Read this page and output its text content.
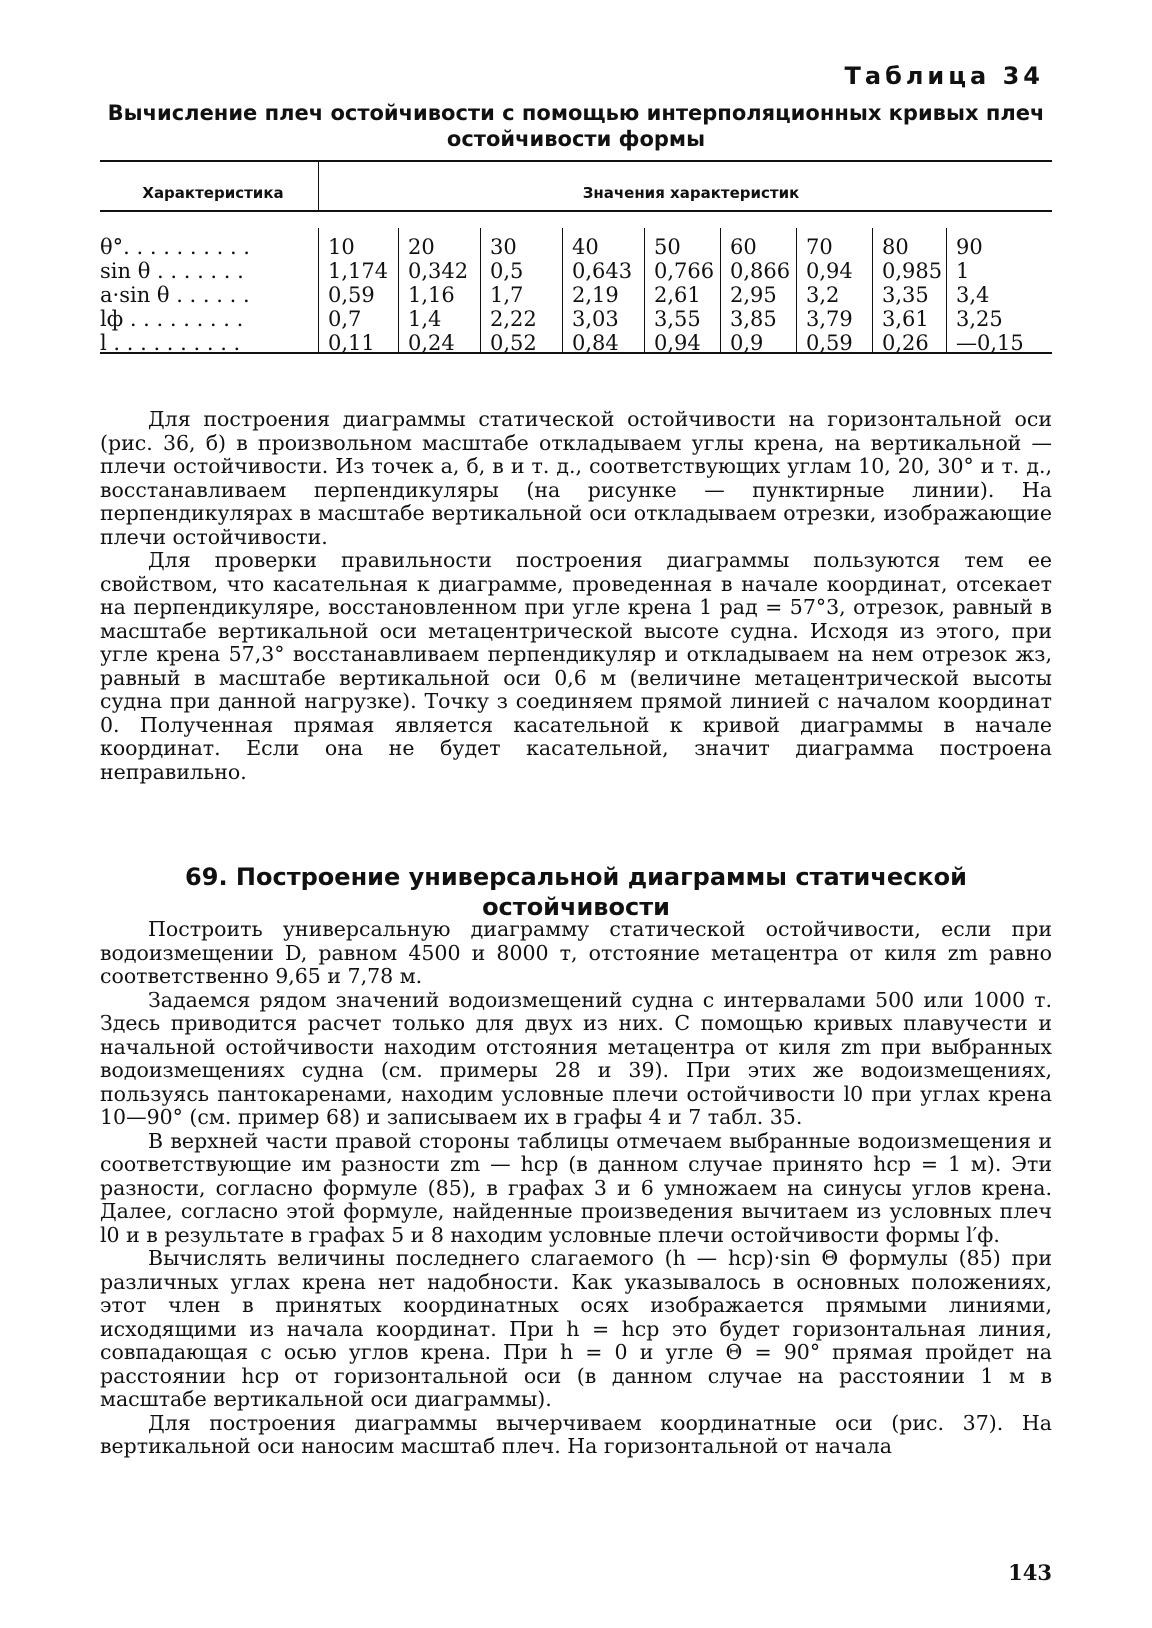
Таблица 34
Вычисление плеч остойчивости с помощью интерполяционных кривых плеч
остойчивости формы
Характеристика	Значения характеристик
θ°. . . . . . . . . .	10	20	30	40	50 60 70 80 90
sin θ . . . . . . .	1,174 0,342 0,5 0,643 0,766 0,866 0,94 0,985 1
a·sin θ . . . . . .	0,59 1,16 1,7 2,19 2,61 2,95 3,2 3,35 3,4
lф . . . . . . . . .	0,7 1,4 2,22 3,03 3,55 3,85 3,79 3,61 3,25
l . . . . . . . . . .	0,11 0,24 0,52 0,84 0,94 0,9 0,59 0,26 —0,15

Для построения диаграммы статической остойчивости на горизонтальной оси (рис. 36, б) в произвольном масштабе откладываем углы крена, на вертикальной — плечи остойчивости. Из точек а, б, в и т. д., соответствующих углам 10, 20, 30° и т. д., восстанавливаем перпендикуляры (на рисунке — пунктирные линии). На перпендикулярах в масштабе вертикальной оси откладываем отрезки, изображающие плечи остойчивости.

Для проверки правильности построения диаграммы пользуются тем ее свойством, что касательная к диаграмме, проведенная в начале координат, отсекает на перпендикуляре, восстановленном при угле крена 1 рад = 57°3, отрезок, равный в масштабе вертикальной оси метацентрической высоте судна. Исходя из этого, при угле крена 57,3° восстанавливаем перпендикуляр и откладываем на нем отрезок жз, равный в масштабе вертикальной оси 0,6 м (величине метацентрической высоты судна при данной нагрузке). Точку з соединяем прямой линией с началом координат 0. Полученная прямая является касательной к кривой диаграммы в начале координат. Если она не будет касательной, значит диаграмма построена неправильно.

69. Построение универсальной диаграммы статической
остойчивости

Построить универсальную диаграмму статической остойчивости, если при водоизмещении D, равном 4500 и 8000 т, отстояние метацентра от киля zm равно соответственно 9,65 и 7,78 м.

Задаемся рядом значений водоизмещений судна с интервалами 500 или 1000 т. Здесь приводится расчет только для двух из них. С помощью кривых плавучести и начальной остойчивости находим отстояния метацентра от киля zm при выбранных водоизмещениях судна (см. примеры 28 и 39). При этих же водоизмещениях, пользуясь пантокаренами, находим условные плечи остойчивости l0 при углах крена 10—90° (см. пример 68) и записываем их в графы 4 и 7 табл. 35.

В верхней части правой стороны таблицы отмечаем выбранные водоизмещения и соответствующие им разности zm — hср (в данном случае принято hср = 1 м). Эти разности, согласно формуле (85), в графах 3 и 6 умножаем на синусы углов крена. Далее, согласно этой формуле, найденные произведения вычитаем из условных плеч l0 и в результате в графах 5 и 8 находим условные плечи остойчивости формы l′ф.

Вычислять величины последнего слагаемого (h — hср)·sin Θ формулы (85) при различных углах крена нет надобности. Как указывалось в основных положениях, этот член в принятых координатных осях изображается прямыми линиями, исходящими из начала координат. При h = hср это будет горизонтальная линия, совпадающая с осью углов крена. При h = 0 и угле Θ = 90° прямая пройдет на расстоянии hср от горизонтальной оси (в данном случае на расстоянии 1 м в масштабе вертикальной оси диаграммы).

Для построения диаграммы вычерчиваем координатные оси (рис. 37). На вертикальной оси наносим масштаб плеч. На горизонтальной от начала

143
